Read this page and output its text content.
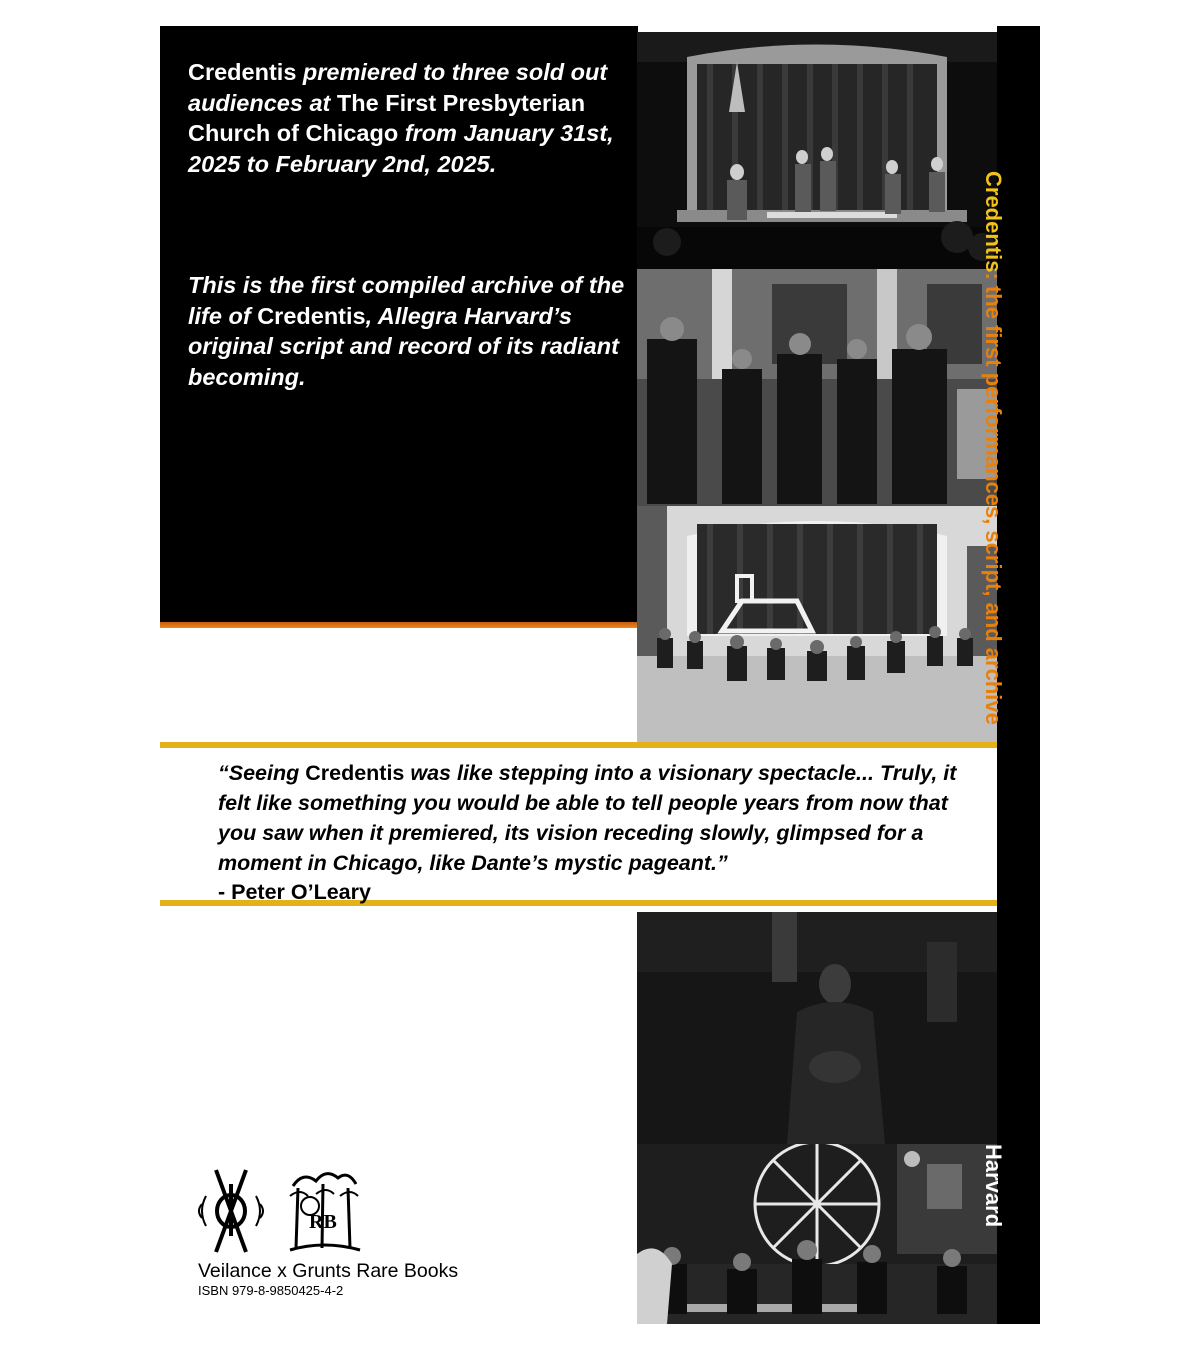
Credentis premiered to three sold out audiences at The First Presbyterian Church of Chicago from January 31st, 2025 to February 2nd, 2025.

This is the first compiled archive of the life of Credentis, Allegra Harvard’s original script and record of its radiant becoming.

Credentis: the first performances, script, and archive
Harvard

“Seeing Credentis was like stepping into a visionary spectacle... Truly, it felt like something you would be able to tell people years from now that you saw when it premiered, its vision receding slowly, glimpsed for a moment in Chicago, like Dante’s mystic pageant.”

- Peter O’Leary
RB
Veilance x Grunts Rare Books
ISBN 979-8-9850425-4-2
